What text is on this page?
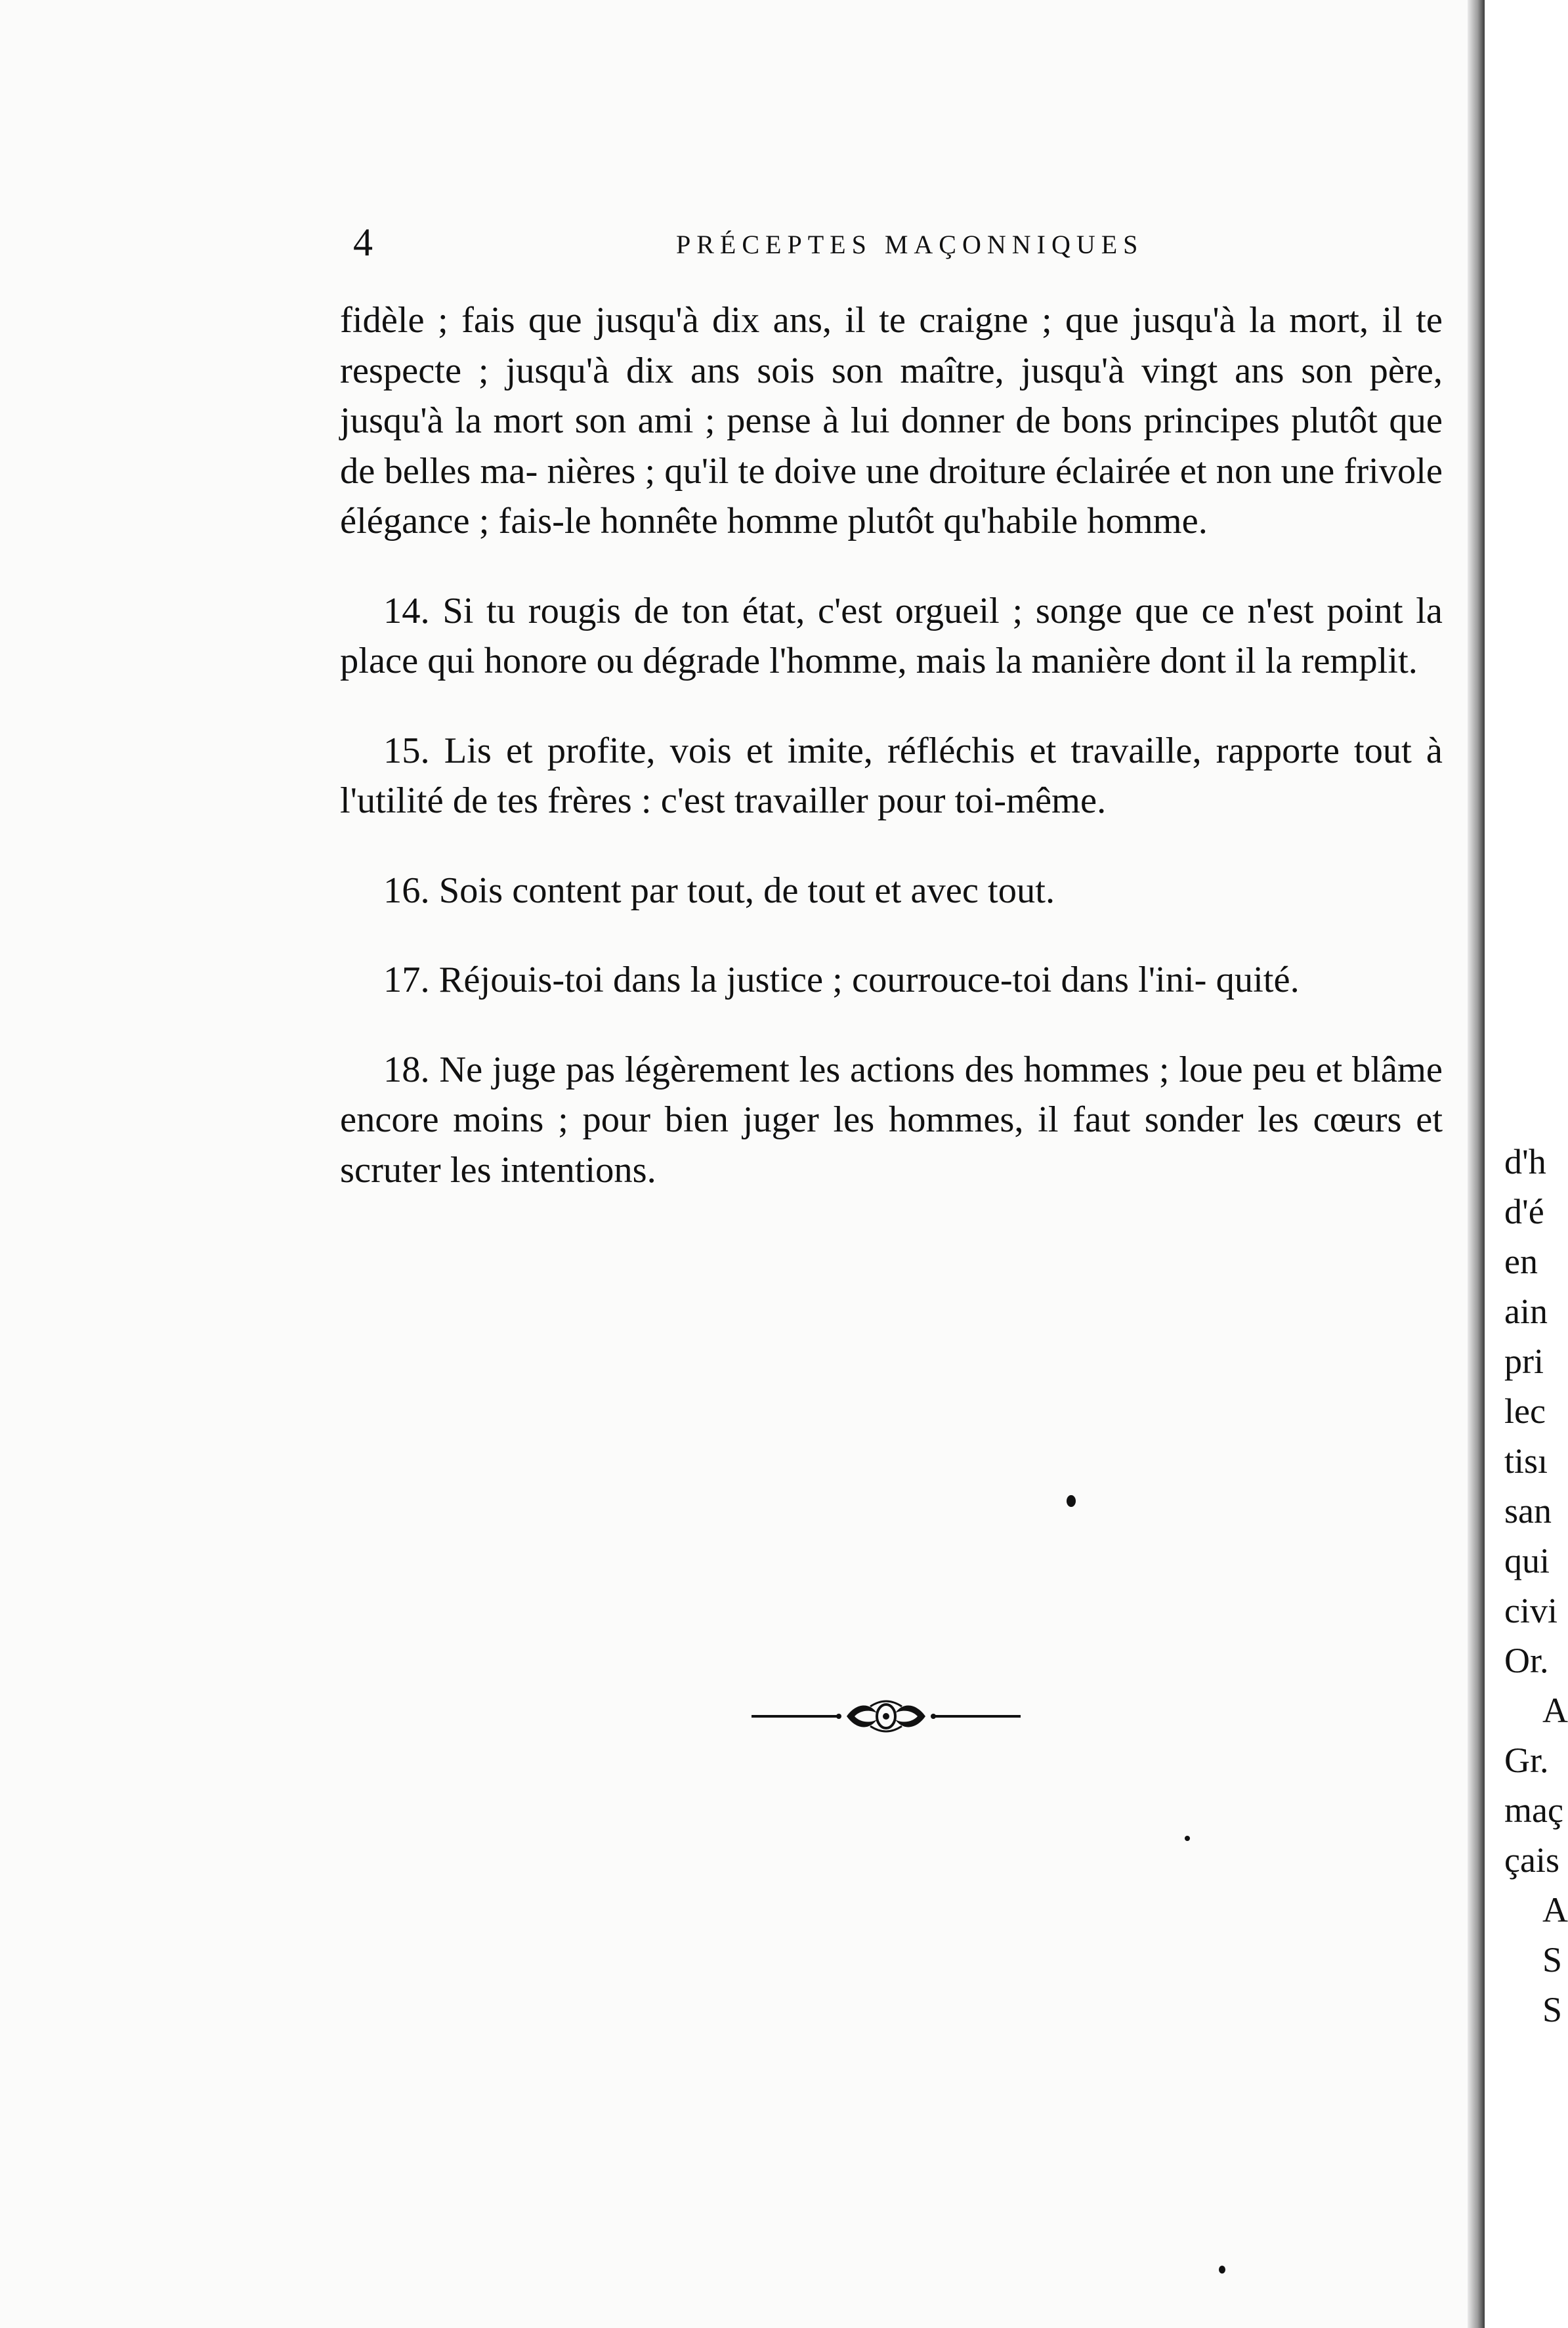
4	PRÉCEPTES MAÇONNIQUES

fidèle ; fais que jusqu'à dix ans, il te craigne ; que jusqu'à la mort, il te respecte ; jusqu'à dix ans sois son maître, jusqu'à vingt ans son père, jusqu'à la mort son ami ; pense à lui donner de bons principes plutôt que de belles ma- nières ; qu'il te doive une droiture éclairée et non une frivole élégance ; fais-le honnête homme plutôt qu'habile homme.

14. Si tu rougis de ton état, c'est orgueil ; songe que ce n'est point la place qui honore ou dégrade l'homme, mais la manière dont il la remplit.

15. Lis et profite, vois et imite, réfléchis et travaille, rapporte tout à l'utilité de tes frères : c'est travailler pour toi-même.

16. Sois content par tout, de tout et avec tout.

17. Réjouis-toi dans la justice ; courrouce-toi dans l'ini- quité.

18. Ne juge pas légèrement les actions des hommes ; loue peu et blâme encore moins ; pour bien juger les hommes, il faut sonder les cœurs et scruter les intentions.	d'h
d'é
en
ain
pri
lec
tisı
san
qui
civi
Or.
A
Gr.
maç
çais
A
S
S
